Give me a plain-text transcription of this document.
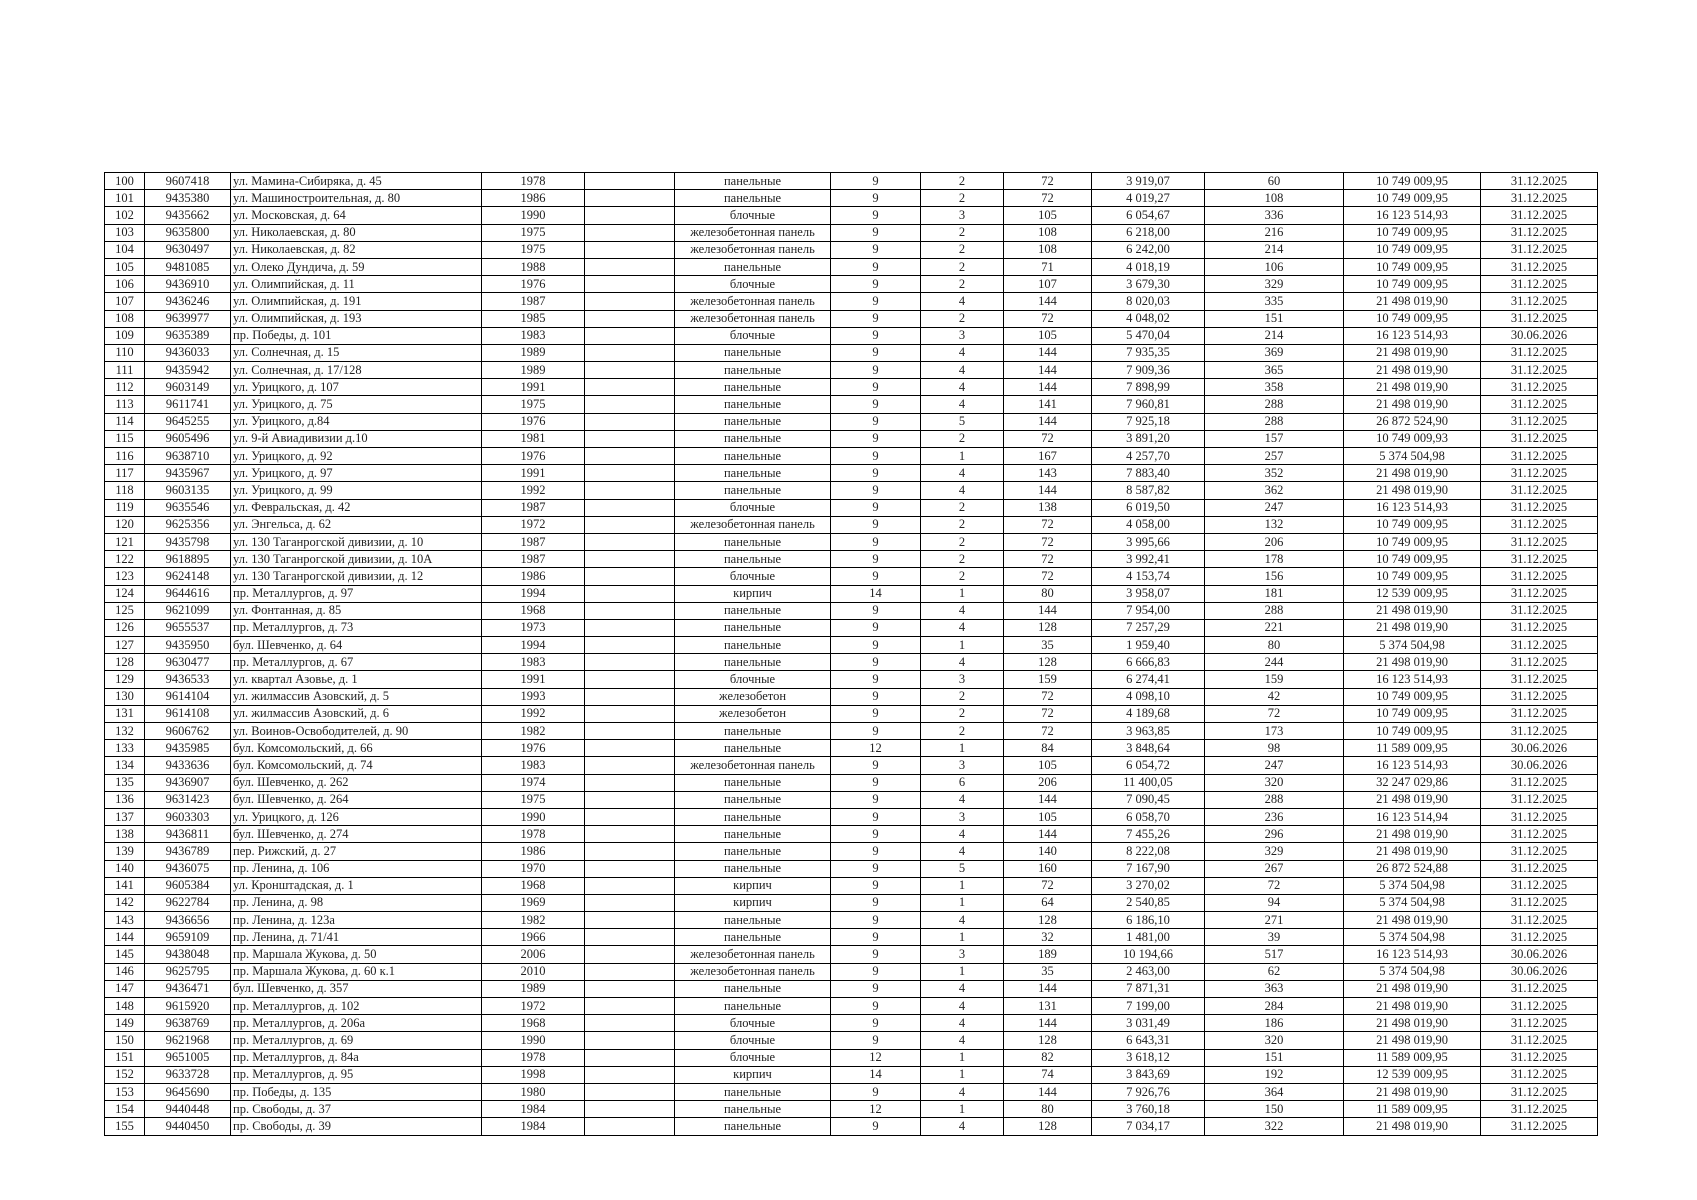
100	9607418	ул. Мамина-Сибиряка, д. 45	1978		панельные	9	2	72	3 919,07	60	10 749 009,95	31.12.2025
101	9435380	ул. Машиностроительная, д. 80	1986		панельные	9	2	72	4 019,27	108	10 749 009,95	31.12.2025
102	9435662	ул. Московская, д. 64	1990		блочные	9	3	105	6 054,67	336	16 123 514,93	31.12.2025
103	9635800	ул. Николаевская, д. 80	1975		железобетонная панель	9	2	108	6 218,00	216	10 749 009,95	31.12.2025
104	9630497	ул. Николаевская, д. 82	1975		железобетонная панель	9	2	108	6 242,00	214	10 749 009,95	31.12.2025
105	9481085	ул. Олеко Дундича, д. 59	1988		панельные	9	2	71	4 018,19	106	10 749 009,95	31.12.2025
106	9436910	ул. Олимпийская, д. 11	1976		блочные	9	2	107	3 679,30	329	10 749 009,95	31.12.2025
107	9436246	ул. Олимпийская, д. 191	1987		железобетонная панель	9	4	144	8 020,03	335	21 498 019,90	31.12.2025
108	9639977	ул. Олимпийская, д. 193	1985		железобетонная панель	9	2	72	4 048,02	151	10 749 009,95	31.12.2025
109	9635389	пр. Победы, д. 101	1983		блочные	9	3	105	5 470,04	214	16 123 514,93	30.06.2026
110	9436033	ул. Солнечная, д. 15	1989		панельные	9	4	144	7 935,35	369	21 498 019,90	31.12.2025
111	9435942	ул. Солнечная, д. 17/128	1989		панельные	9	4	144	7 909,36	365	21 498 019,90	31.12.2025
112	9603149	ул. Урицкого, д. 107	1991		панельные	9	4	144	7 898,99	358	21 498 019,90	31.12.2025
113	9611741	ул. Урицкого, д. 75	1975		панельные	9	4	141	7 960,81	288	21 498 019,90	31.12.2025
114	9645255	ул. Урицкого, д.84	1976		панельные	9	5	144	7 925,18	288	26 872 524,90	31.12.2025
115	9605496	ул. 9-й Авиадивизии д.10	1981		панельные	9	2	72	3 891,20	157	10 749 009,93	31.12.2025
116	9638710	ул. Урицкого, д. 92	1976		панельные	9	1	167	4 257,70	257	5 374 504,98	31.12.2025
117	9435967	ул. Урицкого, д. 97	1991		панельные	9	4	143	7 883,40	352	21 498 019,90	31.12.2025
118	9603135	ул. Урицкого, д. 99	1992		панельные	9	4	144	8 587,82	362	21 498 019,90	31.12.2025
119	9635546	ул. Февральская, д. 42	1987		блочные	9	2	138	6 019,50	247	16 123 514,93	31.12.2025
120	9625356	ул. Энгельса, д. 62	1972		железобетонная панель	9	2	72	4 058,00	132	10 749 009,95	31.12.2025
121	9435798	ул. 130 Таганрогской дивизии, д. 10	1987		панельные	9	2	72	3 995,66	206	10 749 009,95	31.12.2025
122	9618895	ул. 130 Таганрогской дивизии, д. 10А	1987		панельные	9	2	72	3 992,41	178	10 749 009,95	31.12.2025
123	9624148	ул. 130 Таганрогской дивизии, д. 12	1986		блочные	9	2	72	4 153,74	156	10 749 009,95	31.12.2025
124	9644616	пр. Металлургов, д. 97	1994		кирпич	14	1	80	3 958,07	181	12 539 009,95	31.12.2025
125	9621099	ул. Фонтанная, д. 85	1968		панельные	9	4	144	7 954,00	288	21 498 019,90	31.12.2025
126	9655537	пр. Металлургов, д. 73	1973		панельные	9	4	128	7 257,29	221	21 498 019,90	31.12.2025
127	9435950	бул. Шевченко, д. 64	1994		панельные	9	1	35	1 959,40	80	5 374 504,98	31.12.2025
128	9630477	пр. Металлургов, д. 67	1983		панельные	9	4	128	6 666,83	244	21 498 019,90	31.12.2025
129	9436533	ул. квартал Азовье, д. 1	1991		блочные	9	3	159	6 274,41	159	16 123 514,93	31.12.2025
130	9614104	ул. жилмассив Азовский, д. 5	1993		железобетон	9	2	72	4 098,10	42	10 749 009,95	31.12.2025
131	9614108	ул. жилмассив Азовский, д. 6	1992		железобетон	9	2	72	4 189,68	72	10 749 009,95	31.12.2025
132	9606762	ул. Воинов-Освободителей, д. 90	1982		панельные	9	2	72	3 963,85	173	10 749 009,95	31.12.2025
133	9435985	бул. Комсомольский, д. 66	1976		панельные	12	1	84	3 848,64	98	11 589 009,95	30.06.2026
134	9433636	бул. Комсомольский, д. 74	1983		железобетонная панель	9	3	105	6 054,72	247	16 123 514,93	30.06.2026
135	9436907	бул. Шевченко, д. 262	1974		панельные	9	6	206	11 400,05	320	32 247 029,86	31.12.2025
136	9631423	бул. Шевченко, д. 264	1975		панельные	9	4	144	7 090,45	288	21 498 019,90	31.12.2025
137	9603303	ул. Урицкого, д. 126	1990		панельные	9	3	105	6 058,70	236	16 123 514,94	31.12.2025
138	9436811	бул. Шевченко, д. 274	1978		панельные	9	4	144	7 455,26	296	21 498 019,90	31.12.2025
139	9436789	пер. Рижский, д. 27	1986		панельные	9	4	140	8 222,08	329	21 498 019,90	31.12.2025
140	9436075	пр. Ленина, д. 106	1970		панельные	9	5	160	7 167,90	267	26 872 524,88	31.12.2025
141	9605384	ул. Кронштадская, д. 1	1968		кирпич	9	1	72	3 270,02	72	5 374 504,98	31.12.2025
142	9622784	пр. Ленина, д. 98	1969		кирпич	9	1	64	2 540,85	94	5 374 504,98	31.12.2025
143	9436656	пр. Ленина, д. 123а	1982		панельные	9	4	128	6 186,10	271	21 498 019,90	31.12.2025
144	9659109	пр. Ленина, д. 71/41	1966		панельные	9	1	32	1 481,00	39	5 374 504,98	31.12.2025
145	9438048	пр. Маршала Жукова, д. 50	2006		железобетонная панель	9	3	189	10 194,66	517	16 123 514,93	30.06.2026
146	9625795	пр. Маршала Жукова, д. 60 к.1	2010		железобетонная панель	9	1	35	2 463,00	62	5 374 504,98	30.06.2026
147	9436471	бул. Шевченко, д. 357	1989		панельные	9	4	144	7 871,31	363	21 498 019,90	31.12.2025
148	9615920	пр. Металлургов, д. 102	1972		панельные	9	4	131	7 199,00	284	21 498 019,90	31.12.2025
149	9638769	пр. Металлургов, д. 206а	1968		блочные	9	4	144	3 031,49	186	21 498 019,90	31.12.2025
150	9621968	пр. Металлургов, д. 69	1990		блочные	9	4	128	6 643,31	320	21 498 019,90	31.12.2025
151	9651005	пр. Металлургов, д. 84а	1978		блочные	12	1	82	3 618,12	151	11 589 009,95	31.12.2025
152	9633728	пр. Металлургов, д. 95	1998		кирпич	14	1	74	3 843,69	192	12 539 009,95	31.12.2025
153	9645690	пр. Победы, д. 135	1980		панельные	9	4	144	7 926,76	364	21 498 019,90	31.12.2025
154	9440448	пр. Свободы, д. 37	1984		панельные	12	1	80	3 760,18	150	11 589 009,95	31.12.2025
155	9440450	пр. Свободы, д. 39	1984		панельные	9	4	128	7 034,17	322	21 498 019,90	31.12.2025
